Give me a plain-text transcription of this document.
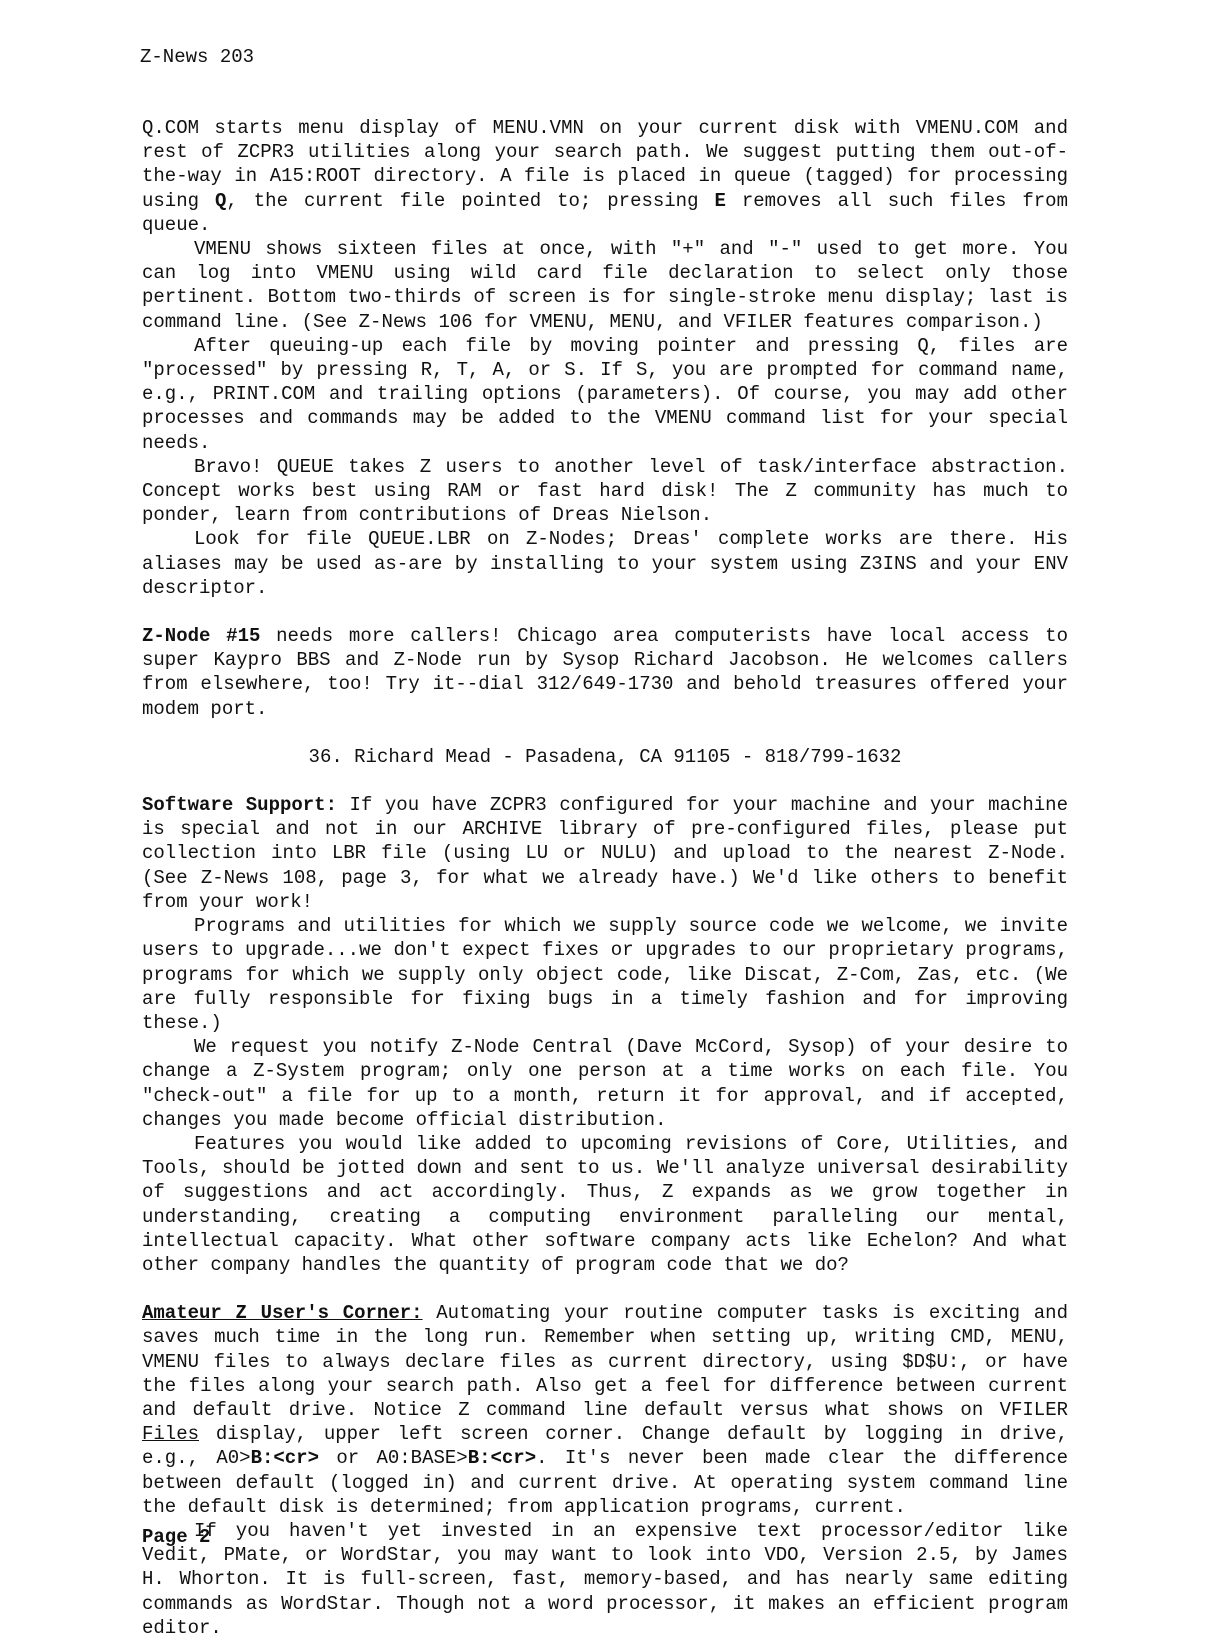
Z-News 203

Q.COM starts menu display of MENU.VMN on your current disk with VMENU.COM and rest of ZCPR3 utilities along your search path. We suggest putting them out-of-the-way in A15:ROOT directory. A file is placed in queue (tagged) for processing using Q, the current file pointed to; pressing E removes all such files from queue.

VMENU shows sixteen files at once, with "+" and "-" used to get more. You can log into VMENU using wild card file declaration to select only those pertinent. Bottom two-thirds of screen is for single-stroke menu display; last is command line. (See Z-News 106 for VMENU, MENU, and VFILER features comparison.)

After queuing-up each file by moving pointer and pressing Q, files are "processed" by pressing R, T, A, or S. If S, you are prompted for command name, e.g., PRINT.COM and trailing options (parameters). Of course, you may add other processes and commands may be added to the VMENU command list for your special needs.

Bravo! QUEUE takes Z users to another level of task/interface abstraction. Concept works best using RAM or fast hard disk! The Z community has much to ponder, learn from contributions of Dreas Nielson.

Look for file QUEUE.LBR on Z-Nodes; Dreas' complete works are there. His aliases may be used as-are by installing to your system using Z3INS and your ENV descriptor.

Z-Node #15 needs more callers! Chicago area computerists have local access to super Kaypro BBS and Z-Node run by Sysop Richard Jacobson. He welcomes callers from elsewhere, too! Try it--dial 312/649-1730 and behold treasures offered your modem port.

36. Richard Mead - Pasadena, CA 91105 - 818/799-1632

Software Support: If you have ZCPR3 configured for your machine and your machine is special and not in our ARCHIVE library of pre-configured files, please put collection into LBR file (using LU or NULU) and upload to the nearest Z-Node. (See Z-News 108, page 3, for what we already have.) We'd like others to benefit from your work!

Programs and utilities for which we supply source code we welcome, we invite users to upgrade...we don't expect fixes or upgrades to our proprietary programs, programs for which we supply only object code, like Discat, Z-Com, Zas, etc. (We are fully responsible for fixing bugs in a timely fashion and for improving these.)

We request you notify Z-Node Central (Dave McCord, Sysop) of your desire to change a Z-System program; only one person at a time works on each file. You "check-out" a file for up to a month, return it for approval, and if accepted, changes you made become official distribution.

Features you would like added to upcoming revisions of Core, Utilities, and Tools, should be jotted down and sent to us. We'll analyze universal desirability of suggestions and act accordingly. Thus, Z expands as we grow together in understanding, creating a computing environment paralleling our mental, intellectual capacity. What other software company acts like Echelon? And what other company handles the quantity of program code that we do?

Amateur Z User's Corner: Automating your routine computer tasks is exciting and saves much time in the long run. Remember when setting up, writing CMD, MENU, VMENU files to always declare files as current directory, using $D$U:, or have the files along your search path. Also get a feel for difference between current and default drive. Notice Z command line default versus what shows on VFILER Files display, upper left screen corner. Change default by logging in drive, e.g., A0>B:<cr> or A0:BASE>B:<cr>. It's never been made clear the difference between default (logged in) and current drive. At operating system command line the default disk is determined; from application programs, current.

If you haven't yet invested in an expensive text processor/editor like Vedit, PMate, or WordStar, you may want to look into VDO, Version 2.5, by James H. Whorton. It is full-screen, fast, memory-based, and has nearly same editing commands as WordStar. Though not a word processor, it makes an efficient program editor.

Page 2
